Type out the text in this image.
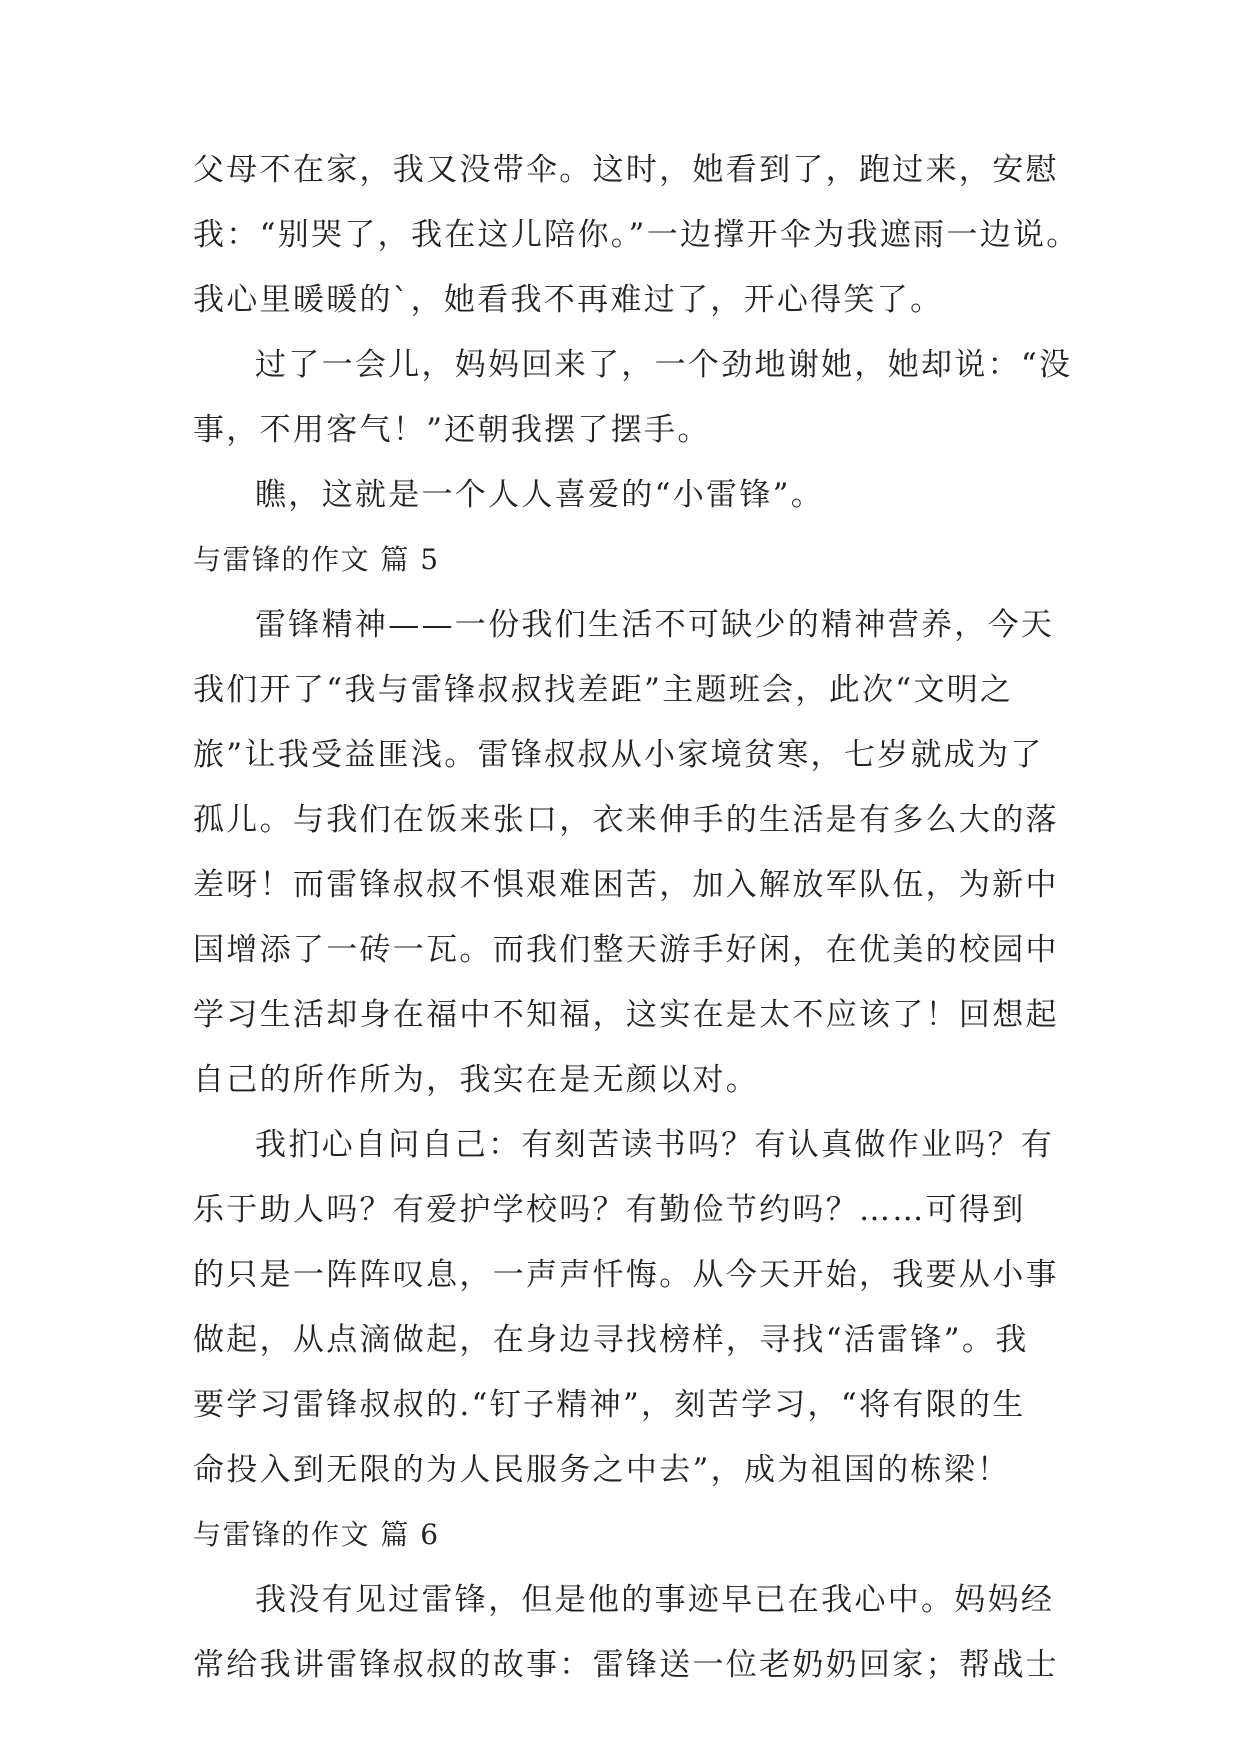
父母不在家，我又没带伞。这时，她看到了，跑过来，安慰
我：“别哭了，我在这儿陪你。”一边撑开伞为我遮雨一边说。
我心里暖暖的`，她看我不再难过了，开心得笑了。
过了一会儿，妈妈回来了，一个劲地谢她，她却说：“没
事，不用客气！”还朝我摆了摆手。
瞧，这就是一个人人喜爱的“小雷锋”。
与雷锋的作文 篇 5
雷锋精神——一份我们生活不可缺少的精神营养，今天
我们开了“我与雷锋叔叔找差距”主题班会，此次“文明之
旅”让我受益匪浅。雷锋叔叔从小家境贫寒，七岁就成为了
孤儿。与我们在饭来张口，衣来伸手的生活是有多么大的落
差呀！而雷锋叔叔不惧艰难困苦，加入解放军队伍，为新中
国增添了一砖一瓦。而我们整天游手好闲，在优美的校园中
学习生活却身在福中不知福，这实在是太不应该了！回想起
自己的所作所为，我实在是无颜以对。
我扪心自问自己：有刻苦读书吗？有认真做作业吗？有
乐于助人吗？有爱护学校吗？有勤俭节约吗？……可得到
的只是一阵阵叹息，一声声忏悔。从今天开始，我要从小事
做起，从点滴做起，在身边寻找榜样，寻找“活雷锋”。我
要学习雷锋叔叔的.“钉子精神”，刻苦学习，“将有限的生
命投入到无限的为人民服务之中去”，成为祖国的栋梁！
与雷锋的作文 篇 6
我没有见过雷锋，但是他的事迹早已在我心中。妈妈经
常给我讲雷锋叔叔的故事：雷锋送一位老奶奶回家；帮战士
